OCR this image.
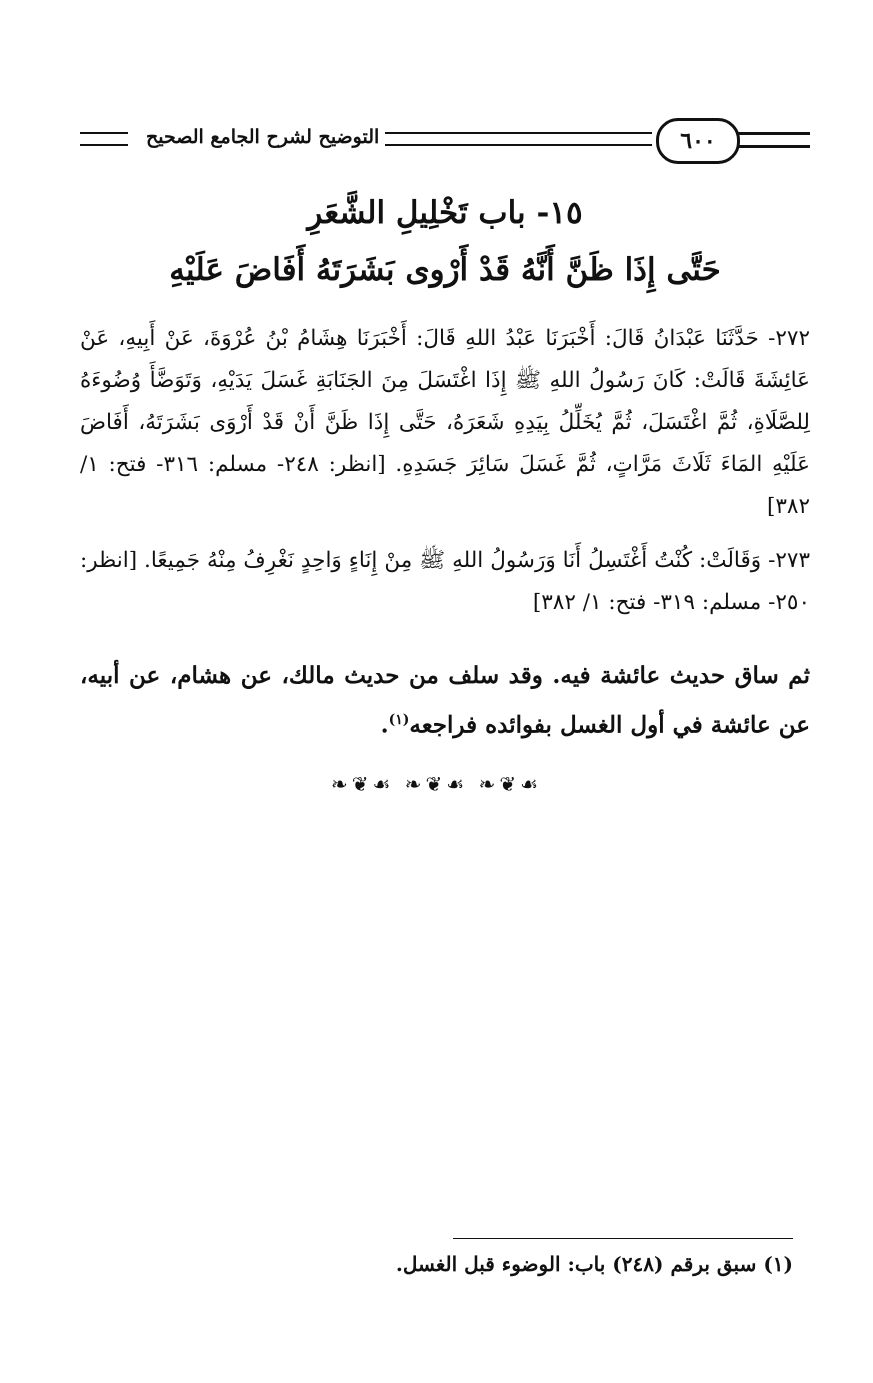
٦٠٠
التوضيح لشرح الجامع الصحيح
١٥- باب تَخْلِيلِ الشَّعَرِ
حَتَّى إِذَا ظَنَّ أَنَّهُ قَدْ أَرْوى بَشَرَتَهُ أَفَاضَ عَلَيْهِ
٢٧٢- حَدَّثَنَا عَبْدَانُ قَالَ: أَخْبَرَنَا عَبْدُ اللهِ قَالَ: أَخْبَرَنَا هِشَامُ بْنُ عُرْوَةَ، عَنْ أَبِيهِ، عَنْ عَائِشَةَ قَالَتْ: كَانَ رَسُولُ اللهِ ﷺ إِذَا اغْتَسَلَ مِنَ الجَنَابَةِ غَسَلَ يَدَيْهِ، وَتَوَضَّأَ وُضُوءَهُ لِلصَّلَاةِ، ثُمَّ اغْتَسَلَ، ثُمَّ يُخَلِّلُ بِيَدِهِ شَعَرَهُ، حَتَّى إِذَا ظَنَّ أَنْ قَدْ أَرْوَى بَشَرَتَهُ، أَفَاضَ عَلَيْهِ المَاءَ ثَلَاثَ مَرَّاتٍ، ثُمَّ غَسَلَ سَائِرَ جَسَدِهِ. [انظر: ٢٤٨- مسلم: ٣١٦- فتح: ١/ ٣٨٢]
٢٧٣- وَقَالَتْ: كُنْتُ أَغْتَسِلُ أَنَا وَرَسُولُ اللهِ ﷺ مِنْ إِنَاءٍ وَاحِدٍ نَغْرِفُ مِنْهُ جَمِيعًا. [انظر: ٢٥٠- مسلم: ٣١٩- فتح: ١/ ٣٨٢]
ثم ساق حديث عائشة فيه. وقد سلف من حديث مالك، عن هشام، عن أبيه، عن عائشة في أول الغسل بفوائده فراجعه$^{(١)}$.
❧❦☙ ❧❦☙ ❧❦☙
(١) سبق برقم (٢٤٨) باب: الوضوء قبل الغسل.
